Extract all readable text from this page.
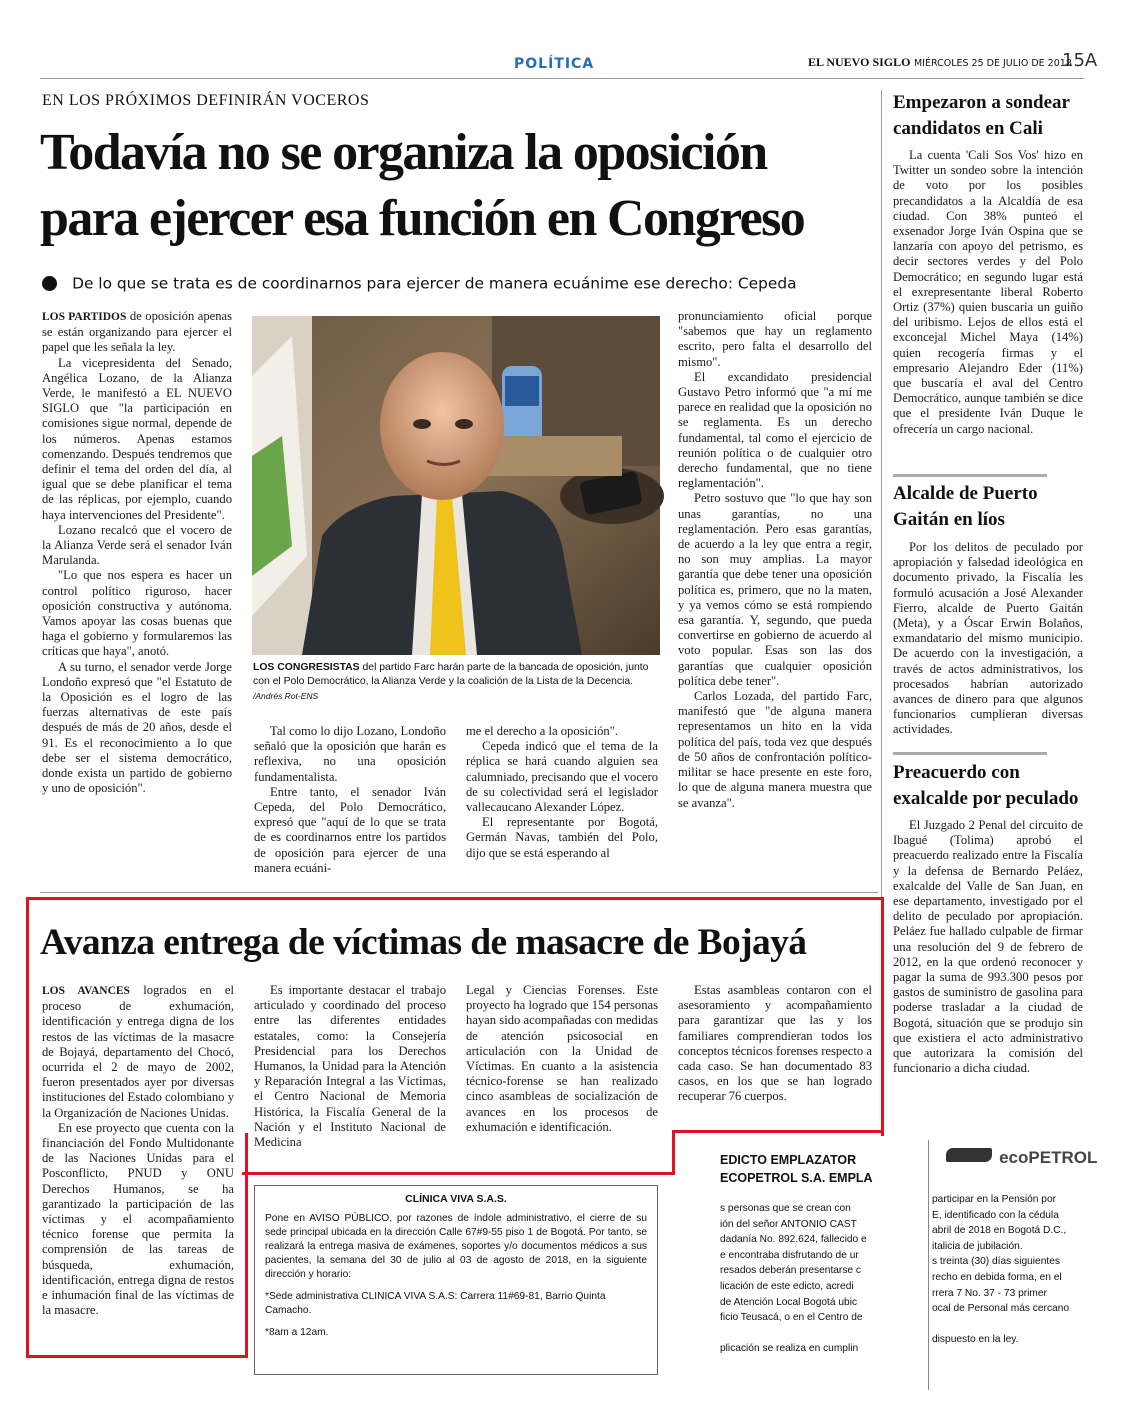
POLÍTICA	EL NUEVO SIGLO MIÉRCOLES 25 DE JULIO DE 2018
15A
EN LOS PRÓXIMOS DEFINIRÁN VOCEROS
Todavía no se organiza la oposición
para ejercer esa función en Congreso
De lo que se trata es de coordinarnos para ejercer de manera ecuánime ese derecho: Cepeda

LOS PARTIDOS de oposición apenas se están organizando para ejercer el papel que les señala la ley.

La vicepresidenta del Senado, Angélica Lozano, de la Alianza Verde, le manifestó a EL NUEVO SIGLO que "la participación en comisiones sigue normal, depende de los números. Apenas estamos comenzando. Después tendremos que definir el tema del orden del día, al igual que se debe planificar el tema de las réplicas, por ejemplo, cuando haya intervenciones del Presidente".

Lozano recalcó que el vocero de la Alianza Verde será el senador Iván Marulanda.

"Lo que nos espera es hacer un control político riguroso, hacer oposición constructiva y autónoma. Vamos apoyar las cosas buenas que haga el gobierno y formularemos las críticas que haya", anotó.

A su turno, el senador verde Jorge Londoño expresó que "el Estatuto de la Oposición es el logro de las fuerzas alternativas de este país después de más de 20 años, desde el 91. Es el reconocimiento a lo que debe ser el sistema democrático, donde exista un partido de gobierno y uno de oposición".

LOS CONGRESISTAS del partido Farc harán parte de la bancada de oposición, junto con el Polo Democrático, la Alianza Verde y la coalición de la Lista de la Decencia. /Andrés Rot-ENS

Tal como lo dijo Lozano, Londoño señaló que la oposición que harán es reflexiva, no una oposición fundamentalista.

Entre tanto, el senador Iván Cepeda, del Polo Democrático, expresó que "aquí de lo que se trata de es coordinarnos entre los partidos de oposición para ejercer de una manera ecuáni-

me el derecho a la oposición".

Cepeda indicó que el tema de la réplica se hará cuando alguien sea calumniado, precisando que el vocero de su colectividad será el legislador vallecaucano Alexander López.

El representante por Bogotá, Germán Navas, también del Polo, dijo que se está esperando al

pronunciamiento oficial porque "sabemos que hay un reglamento escrito, pero falta el desarrollo del mismo".

El excandidato presidencial Gustavo Petro informó que "a mí me parece en realidad que la oposición no se reglamenta. Es un derecho fundamental, tal como el ejercicio de reunión política o de cualquier otro derecho fundamental, que no tiene reglamentación".

Petro sostuvo que "lo que hay son unas garantías, no una reglamentación. Pero esas garantías, de acuerdo a la ley que entra a regir, no son muy amplias. La mayor garantía que debe tener una oposición política es, primero, que no la maten, y ya vemos cómo se está rompiendo esa garantía. Y, segundo, que pueda convertirse en gobierno de acuerdo al voto popular. Esas son las dos garantías que cualquier oposición política debe tener".

Carlos Lozada, del partido Farc, manifestó que "de alguna manera representamos un hito en la vida política del país, toda vez que después de 50 años de confrontación político-militar se hace presente en este foro, lo que de alguna manera muestra que se avanza".

Empezaron a sondear
candidatos en Cali

La cuenta 'Cali Sos Vos' hizo en Twitter un sondeo sobre la intención de voto por los posibles precandidatos a la Alcaldía de esa ciudad. Con 38% punteó el exsenador Jorge Iván Ospina que se lanzaría con apoyo del petrismo, es decir sectores verdes y del Polo Democrático; en segundo lugar está el exrepresentante liberal Roberto Ortiz (37%) quien buscaría un guiño del uribismo. Lejos de ellos está el exconcejal Michel Maya (14%) quien recogería firmas y el empresario Alejandro Eder (11%) que buscaría el aval del Centro Democrático, aunque también se dice que el presidente Iván Duque le ofrecería un cargo nacional.

Alcalde de Puerto
Gaitán en líos

Por los delitos de peculado por apropiación y falsedad ideológica en documento privado, la Fiscalía les formuló acusación a José Alexander Fierro, alcalde de Puerto Gaitán (Meta), y a Óscar Erwin Bolaños, exmandatario del mismo municipio. De acuerdo con la investigación, a través de actos administrativos, los procesados habrían autorizado avances de dinero para que algunos funcionarios cumplieran diversas actividades.

Preacuerdo con
exalcalde por peculado

El Juzgado 2 Penal del circuito de Ibagué (Tolima) aprobó el preacuerdo realizado entre la Fiscalía y la defensa de Bernardo Peláez, exalcalde del Valle de San Juan, en ese departamento, investigado por el delito de peculado por apropiación. Peláez fue hallado culpable de firmar una resolución del 9 de febrero de 2012, en la que ordenó reconocer y pagar la suma de 993.300 pesos por gastos de suministro de gasolina para poderse trasladar a la ciudad de Bogotá, situación que se produjo sin que existiera el acto administrativo que autorizara la comisión del funcionario a dicha ciudad.

Avanza entrega de víctimas de masacre de Bojayá

LOS AVANCES logrados en el proceso de exhumación, identificación y entrega digna de los restos de las víctimas de la masacre de Bojayá, departamento del Chocó, ocurrida el 2 de mayo de 2002, fueron presentados ayer por diversas instituciones del Estado colombiano y la Organización de Naciones Unidas.

En ese proyecto que cuenta con la financiación del Fondo Multidonante de las Naciones Unidas para el Posconflicto, PNUD y ONU Derechos Humanos, se ha garantizado la participación de las víctimas y el acompañamiento técnico forense que permita la comprensión de las tareas de búsqueda, exhumación, identificación, entrega digna de restos e inhumación final de las víctimas de la masacre.

Es importante destacar el trabajo articulado y coordinado del proceso entre las diferentes entidades estatales, como: la Consejería Presidencial para los Derechos Humanos, la Unidad para la Atención y Reparación Integral a las Víctimas, el Centro Nacional de Memoria Histórica, la Fiscalía General de la Nación y el Instituto Nacional de Medicina

Legal y Ciencias Forenses. Este proyecto ha logrado que 154 personas hayan sido acompañadas con medidas de atención psicosocial en articulación con la Unidad de Víctimas. En cuanto a la asistencia técnico-forense se han realizado cinco asambleas de socialización de avances en los procesos de exhumación e identificación.

Estas asambleas contaron con el asesoramiento y acompañamiento para garantizar que las y los familiares comprendieran todos los conceptos técnicos forenses respecto a cada caso. Se han documentado 83 casos, en los que se han logrado recuperar 76 cuerpos.

CLÍNICA VIVA S.A.S.
Pone en AVISO PÚBLICO, por razones de índole administrativo, el cierre de su sede principal ubicada en la dirección Calle 67#9-55 piso 1 de Bogotá. Por tanto, se realizará la entrega masiva de exámenes, soportes y/o documentos médicos a sus pacientes, la semana del 30 de julio al 03 de agosto de 2018, en la siguiente dirección y horario:
*Sede administrativa CLINICA VIVA S.A.S: Carrera 11#69-81, Barrio Quinta Camacho.
*8am a 12am.
EDICTO EMPLAZATOR
ECOPETROL S.A. EMPLA
s personas que se crean con
ión del señor ANTONIO CAST
dadanía No. 892.624, fallecido e
e encontraba disfrutando de ur
resados deberán presentarse c
licación de este edicto, acredi
de Atención Local Bogotá ubic
ficio Teusacá, o en el Centro de

plicación se realiza en cumplin
ecoPETROL
participar en la Pensión por
E, identificado con la cédula
abril de 2018 en Bogotá D.C.,
italicia de jubilación.
s treinta (30) días siguientes
recho en debida forma, en el
rrera 7 No. 37 - 73 primer
ocal de Personal más cercano

dispuesto en la ley.
